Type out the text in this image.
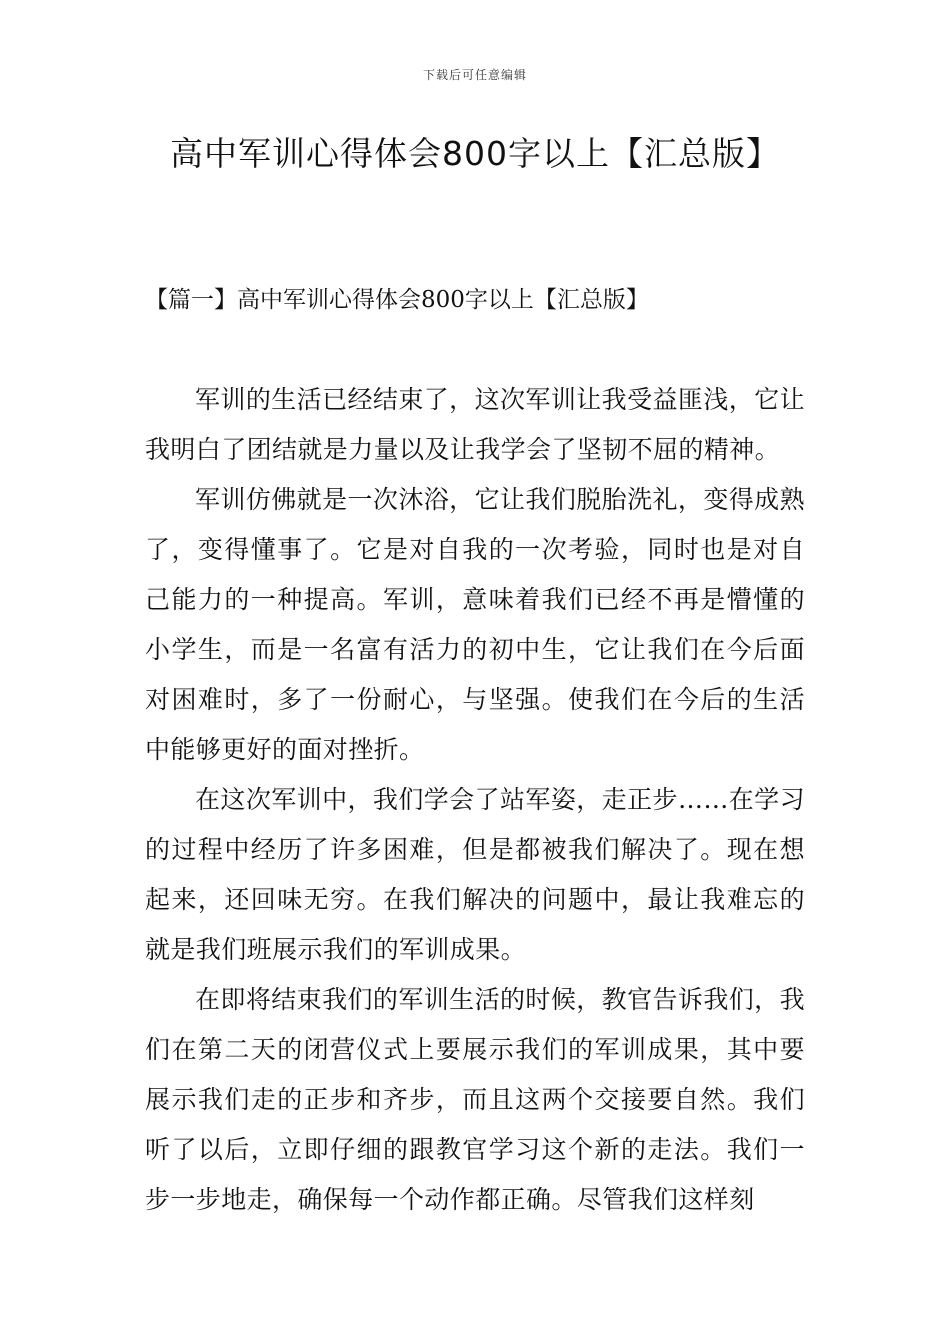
下载后可任意编辑
高中军训心得体会800字以上【汇总版】
【篇一】高中军训心得体会800字以上【汇总版】

军训的生活已经结束了，这次军训让我受益匪浅，它让我明白了团结就是力量以及让我学会了坚韧不屈的精神。

军训仿佛就是一次沐浴，它让我们脱胎洗礼，变得成熟了，变得懂事了。它是对自我的一次考验，同时也是对自己能力的一种提高。军训，意味着我们已经不再是懵懂的小学生，而是一名富有活力的初中生，它让我们在今后面对困难时，多了一份耐心，与坚强。使我们在今后的生活中能够更好的面对挫折。

在这次军训中，我们学会了站军姿，走正步……在学习的过程中经历了许多困难，但是都被我们解决了。现在想起来，还回味无穷。在我们解决的问题中，最让我难忘的就是我们班展示我们的军训成果。

在即将结束我们的军训生活的时候，教官告诉我们，我们在第二天的闭营仪式上要展示我们的军训成果，其中要展示我们走的正步和齐步，而且这两个交接要自然。我们听了以后，立即仔细的跟教官学习这个新的走法。我们一步一步地走，确保每一个动作都正确。尽管我们这样刻
